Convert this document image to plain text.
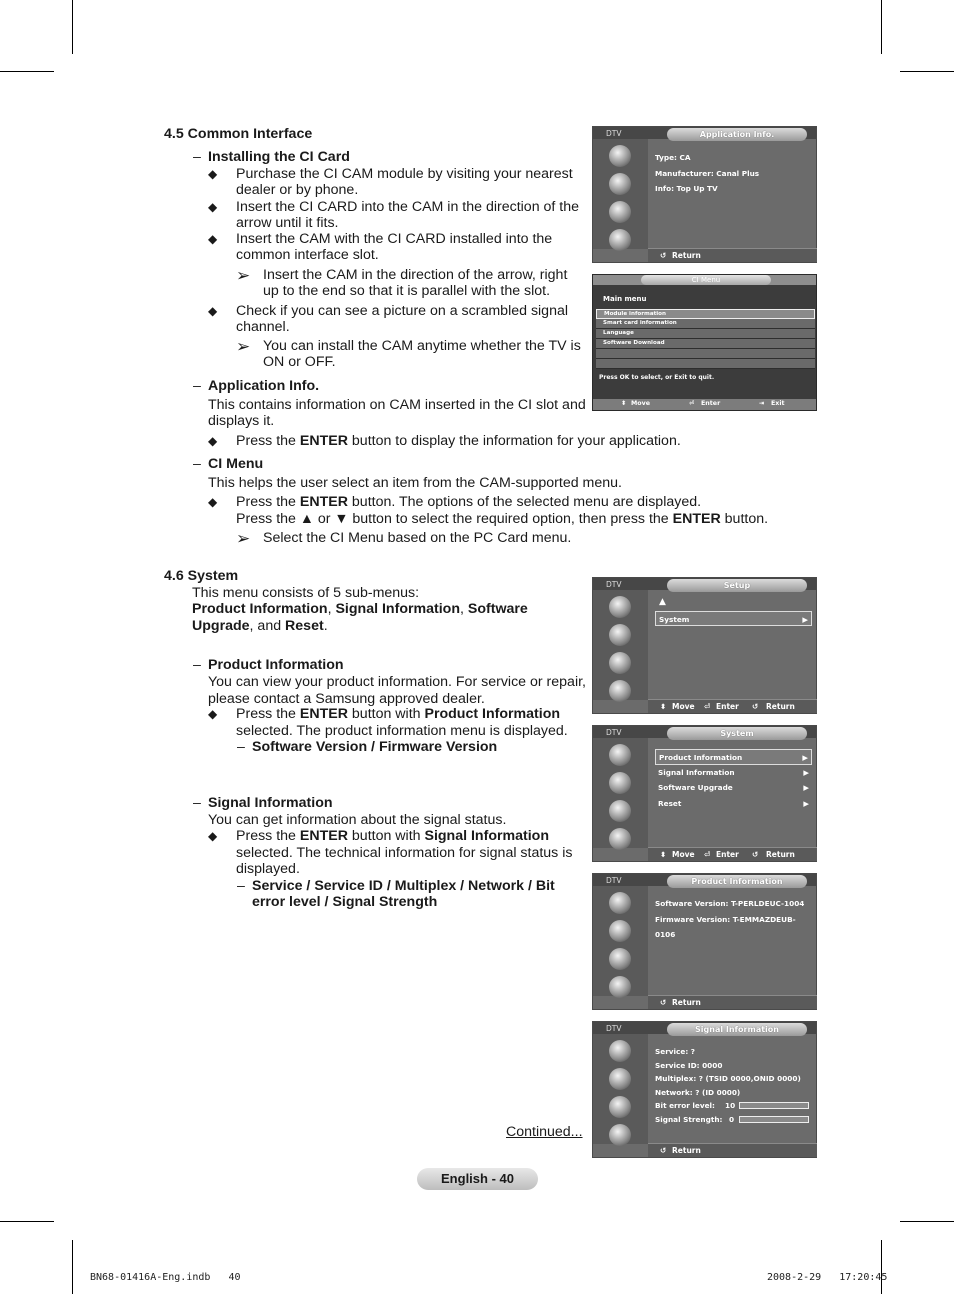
4.5 Common Interface
– Installing the CI Card
◆ Purchase the CI CAM module by visiting your nearest dealer or by phone.
◆ Insert the CI CARD into the CAM in the direction of the arrow until it fits.
◆ Insert the CAM with the CI CARD installed into the common interface slot.
➢ Insert the CAM in the direction of the arrow, right up to the end so that it is parallel with the slot.
◆ Check if you can see a picture on a scrambled signal channel.
➢ You can install the CAM anytime whether the TV is ON or OFF.
– Application Info.
This contains information on CAM inserted in the CI slot and displays it.
◆ Press the ENTER button to display the information for your application.
– CI Menu
This helps the user select an item from the CAM-supported menu.
◆ Press the ENTER button. The options of the selected menu are displayed.
Press the ▲ or ▼ button to select the required option, then press the ENTER button.
➢ Select the CI Menu based on the PC Card menu.
4.6 System
This menu consists of 5 sub-menus:
Product Information, Signal Information, Software
Upgrade, and Reset.
– Product Information
You can view your product information. For service or repair, please contact a Samsung approved dealer.
◆ Press the ENTER button with Product Information
selected. The product information menu is displayed.
– Software Version / Firmware Version
– Signal Information
You can get information about the signal status.
◆ Press the ENTER button with Signal Information
selected. The technical information for signal status is displayed.
– Service / Service ID / Multiplex / Network / Bit error level / Signal Strength
Continued...
DTV	Application Info.
Type: CA
Manufacturer: Canal Plus
Info: Top Up TV
↺ Return
CI Menu
Main menu
Module information
Smart card information
Language
Software Download
Press OK to select, or Exit to quit.
⬍ Move	⏎ Enter	⇥ Exit
DTV	Setup
▲
System	▶
⬍ Move ⏎ Enter ↺ Return
DTV	System
Product Information	▶
Signal Information	▶
Software Upgrade	▶
Reset	▶
⬍ Move ⏎ Enter ↺ Return
DTV	Product Information
Software Version: T-PERLDEUC-1004
Firmware Version: T-EMMAZDEUB-0106
↺ Return
DTV	Signal Information
Service: ?
Service ID: 0000
Multiplex: ? (TSID 0000,ONID 0000)
Network: ? (ID 0000)
Bit error level: 10
Signal Strength: 0
↺ Return
English - 40
BN68-01416A-Eng.indb   40	2008-2-29   17:20:45
